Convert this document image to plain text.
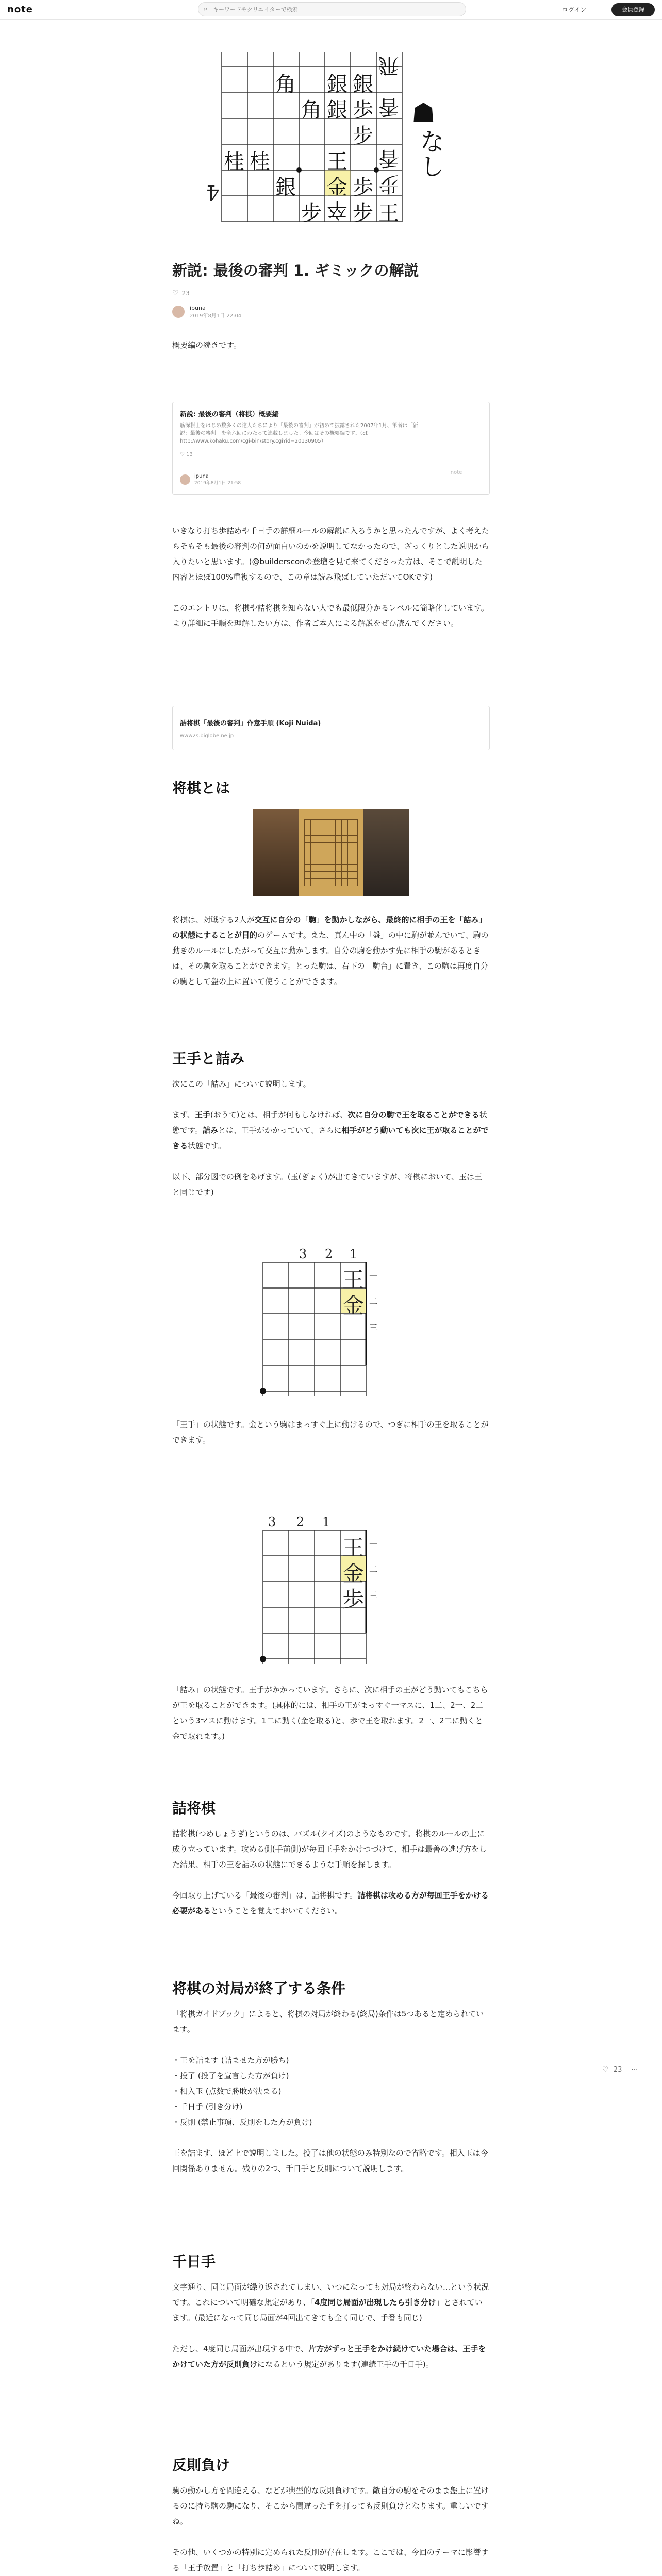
note	⌕
キーワードやクリエイターで検索	ログイン	会員登録
☗
なし
4
飛
銀
銀
角
王
桂
銀
歩
桂
香
角
步
銀	歩
金
香
步
步
卒
步	王
新説: 最後の審判 1. ギミックの解説
♡ 23
ipuna
2019年8月1日 22:04
概要編の続きです。
新説: 最後の審判（将棋）概要編
筋深棋士をはじめ数多くの達人たちにより「最後の審判」が初めて披露された2007年1月、筆者は「新説：最後の審判」を全六回にわたって連載しました。今回はその概要編です。（cf. http://www.kohaku.com/cgi-bin/story.cgi?id=20130905）
♡ 13
ipuna
2019年8月1日 21:58
note

いきなり打ち歩詰めや千日手の詳細ルールの解説に入ろうかと思ったんですが、よく考えたらそもそも最後の審判の何が面白いのかを説明してなかったので、ざっくりとした説明から入りたいと思います。(@buildersconの登壇を見て来てくださった方は、そこで説明した内容とほぼ100%重複するので、この章は読み飛ばしていただいてOKです)

このエントリは、将棋や詰将棋を知らない人でも最低限分かるレベルに簡略化しています。より詳細に手順を理解したい方は、作者ご本人による解説をぜひ読んでください。

詰将棋「最後の審判」作意手順 (Koji Nuida)
www2s.biglobe.ne.jp
将棋とは

将棋は、対戦する2人が交互に自分の「駒」を動かしながら、最終的に相手の王を「詰み」の状態にすることが目的のゲームです。また、真ん中の「盤」の中に駒が並んでいて、駒の動きのルールにしたがって交互に動かします。自分の駒を動かす先に相手の駒があるときは、その駒を取ることができます。とった駒は、右下の「駒台」に置き、この駒は再度自分の駒として盤の上に置いて使うことができます。

王手と詰み

次にこの「詰み」について説明します。

まず、王手(おうて)とは、相手が何もしなければ、次に自分の駒で王を取ることができる状態です。詰みとは、王手がかかっていて、さらに相手がどう動いても次に王が取ることができる状態です。

以下、部分図での例をあげます。(玉(ぎょく)が出てきていますが、将棋において、玉は王と同じです)

3 2 1
王
金
一
二
三

「王手」の状態です。金という駒はまっすぐ上に動けるので、つぎに相手の王を取ることができます。

3 2 1
王
金
歩
一
二
三

「詰み」の状態です。王手がかかっています。さらに、次に相手の王がどう動いてもこちらが王を取ることができます。(具体的には、相手の王がまっすぐ一マスに、1二、2一、2二という3マスに動けます。1二に動く(金を取る)と、歩で王を取れます。2一、2二に動くと金で取れます。)

詰将棋

詰将棋(つめしょうぎ)というのは、パズル(クイズ)のようなものです。将棋のルールの上に成り立っています。攻める側(手前側)が毎回王手をかけつづけて、相手は最善の逃げ方をした結果、相手の王を詰みの状態にできるような手順を探します。

今回取り上げている「最後の審判」は、詰将棋です。詰将棋は攻める方が毎回王手をかける必要があるということを覚えておいてください。

♡ 23 ⋯
将棋の対局が終了する条件

「将棋ガイドブック」によると、将棋の対局が終わる(終局)条件は5つあると定められています。

・王を詰ます (詰ませた方が勝ち)
・投了 (投了を宣言した方が負け)
・相入玉 (点数で勝敗が決まる)
・千日手 (引き分け)
・反則 (禁止事項、反則をした方が負け)

王を詰ます、ほど上で説明しました。投了は他の状態のみ特別なので省略です。相入玉は今回関係ありません。残りの2つ、千日手と反則について説明します。

千日手

文字通り、同じ局面が繰り返されてしまい、いつになっても対局が終わらない...という状況です。これについて明確な規定があり、「4度同じ局面が出現したら引き分け」とされています。(最近になって同じ局面が4回出てきても全く同じで、手番も同じ)

ただし、4度同じ局面が出現する中で、片方がずっと王手をかけ続けていた場合は、王手をかけていた方が反則負けになるという規定があります(連続王手の千日手)。

反則負け

駒の動かし方を間違える、などが典型的な反則負けです。敵自分の駒をそのまま盤上に置けるのに持ち駒の駒になり、そこから間違った手を打っても反則負けとなります。重しいですね。

その他、いくつかの特別に定められた反則が存在します。ここでは、今回のテーマに影響する「王手放置」と「打ち歩詰め」について説明します。
